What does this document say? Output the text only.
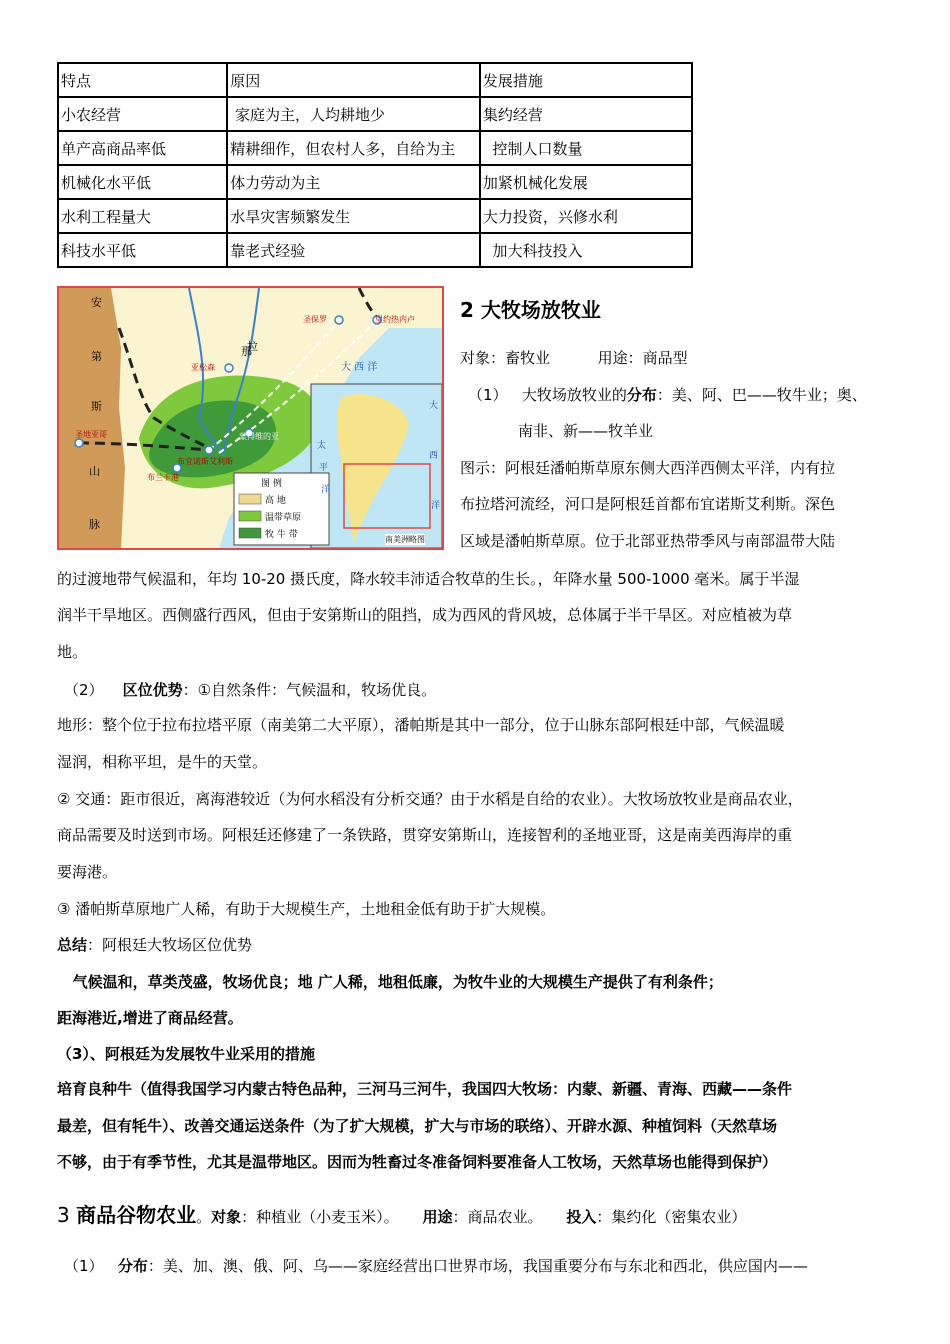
特点	原因	发展措施
小农经营	家庭为主，人均耕地少	集约经营
单产高商品率低	精耕细作，但农村人多，自给为主	控制人口数量
机械化水平低	体力劳动为主	加紧机械化发展
水利工程量大	水旱灾害频繁发生	大力投资，兴修水利
科技水平低	靠老式经验	加大科技投入
安
第
斯
山
脉
拉
那
亚松森
圣地亚哥
布宜诺斯艾利斯
蒙得维的亚
布兰卡港
圣保罗	里约热内卢
大 西 洋
太
平
洋
大
西
洋
南美洲略图
图 例
高 地
温带草原
牧 牛 带
2 大牧场放牧业
对象：畜牧业          用途：商品型
（1） 大牧场放牧业的分布：美、阿、巴——牧牛业；奥、
南非、新——牧羊业
图示：阿根廷潘帕斯草原东侧大西洋西侧太平洋，内有拉
布拉塔河流经，河口是阿根廷首都布宜诺斯艾利斯。深色
区域是潘帕斯草原。位于北部亚热带季风与南部温带大陆
的过渡地带气候温和，年均 10-20 摄氏度，降水较丰沛适合牧草的生长。，年降水量 500-1000 毫米。属于半湿
润半干旱地区。西侧盛行西风，但由于安第斯山的阻挡，成为西风的背风坡，总体属于半干旱区。对应植被为草
地。
（2） 区位优势：①自然条件：气候温和，牧场优良。
地形：整个位于拉布拉塔平原（南美第二大平原），潘帕斯是其中一部分，位于山脉东部阿根廷中部，气候温暖
湿润，相称平坦，是牛的天堂。
② 交通：距市很近，离海港较近（为何水稻没有分析交通？由于水稻是自给的农业）。大牧场放牧业是商品农业，
商品需要及时送到市场。阿根廷还修建了一条铁路，贯穿安第斯山，连接智利的圣地亚哥，这是南美西海岸的重
要海港。
③ 潘帕斯草原地广人稀，有助于大规模生产，土地租金低有助于扩大规模。
总结：阿根廷大牧场区位优势
气候温和，草类茂盛，牧场优良；地 广人稀，地租低廉，为牧牛业的大规模生产提供了有利条件；
距海港近,增进了商品经营。
（3）、阿根廷为发展牧牛业采用的措施
培育良种牛（值得我国学习内蒙古特色品种，三河马三河牛，我国四大牧场：内蒙、新疆、青海、西藏——条件
最差，但有牦牛）、改善交通运送条件（为了扩大规模，扩大与市场的联络）、开辟水源、种植饲料（天然草场
不够，由于有季节性，尤其是温带地区。因而为牲畜过冬准备饲料要准备人工牧场，天然草场也能得到保护）
3 商品谷物农业。对象：种植业（小麦玉米）。     用途：商品农业。     投入：集约化（密集农业）
（1）   分布：美、加、澳、俄、阿、乌——家庭经营出口世界市场，我国重要分布与东北和西北，供应国内——
